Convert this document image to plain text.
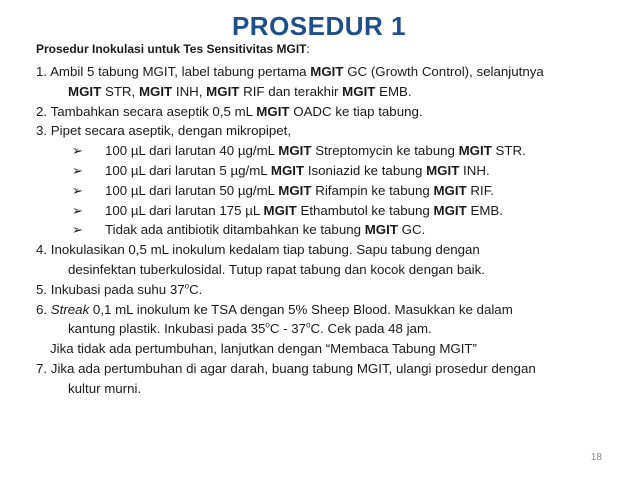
PROSEDUR 1
Prosedur Inokulasi untuk Tes Sensitivitas MGIT:
1. Ambil 5 tabung MGIT, label tabung pertama MGIT GC (Growth Control), selanjutnya
MGIT STR, MGIT INH, MGIT RIF dan terakhir MGIT EMB.
2. Tambahkan secara aseptik 0,5 mL MGIT OADC ke tiap tabung.
3. Pipet secara aseptik, dengan mikropipet,
➢	100 µL dari larutan 40 µg/mL MGIT Streptomycin ke tabung MGIT STR.
➢	100 µL dari larutan 5 µg/mL MGIT Isoniazid ke tabung MGIT INH.
➢	100 µL dari larutan 50 µg/mL MGIT Rifampin ke tabung MGIT RIF.
➢	100 µL dari larutan 175 µL MGIT Ethambutol ke tabung MGIT EMB.
➢	Tidak ada antibiotik ditambahkan ke tabung MGIT GC.
4. Inokulasikan 0,5 mL inokulum kedalam tiap tabung. Sapu tabung dengan
desinfektan tuberkulosidal. Tutup rapat tabung dan kocok dengan baik.
5. Inkubasi pada suhu 37$^o$C.
6. Streak 0,1 mL inokulum ke TSA dengan 5% Sheep Blood. Masukkan ke dalam
kantung plastik. Inkubasi pada 35$^o$C - 37$^o$C. Cek pada 48 jam.
Jika tidak ada pertumbuhan, lanjutkan dengan “Membaca Tabung MGIT”
7. Jika ada pertumbuhan di agar darah, buang tabung MGIT, ulangi prosedur dengan
kultur murni.
18
